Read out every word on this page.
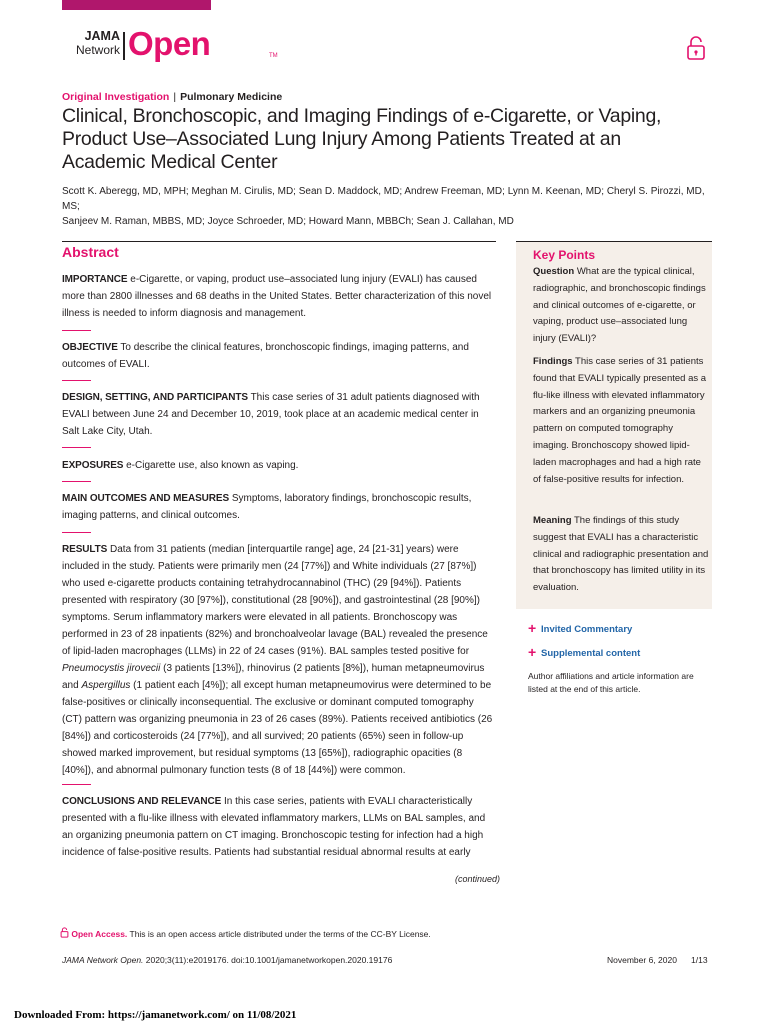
JAMA
Network Open	TM
Original Investigation | Pulmonary Medicine
Clinical, Bronchoscopic, and Imaging Findings of e-Cigarette, or Vaping, Product Use–Associated Lung Injury Among Patients Treated at an Academic Medical Center
Scott K. Aberegg, MD, MPH; Meghan M. Cirulis, MD; Sean D. Maddock, MD; Andrew Freeman, MD; Lynn M. Keenan, MD; Cheryl S. Pirozzi, MD, MS;
Sanjeev M. Raman, MBBS, MD; Joyce Schroeder, MD; Howard Mann, MBBCh; Sean J. Callahan, MD
Abstract
IMPORTANCE e-Cigarette, or vaping, product use–associated lung injury (EVALI) has caused more than 2800 illnesses and 68 deaths in the United States. Better characterization of this novel illness is needed to inform diagnosis and management.
OBJECTIVE To describe the clinical features, bronchoscopic findings, imaging patterns, and outcomes of EVALI.
DESIGN, SETTING, AND PARTICIPANTS This case series of 31 adult patients diagnosed with EVALI between June 24 and December 10, 2019, took place at an academic medical center in Salt Lake City, Utah.
EXPOSURES e-Cigarette use, also known as vaping.
MAIN OUTCOMES AND MEASURES Symptoms, laboratory findings, bronchoscopic results, imaging patterns, and clinical outcomes.
RESULTS Data from 31 patients (median [interquartile range] age, 24 [21-31] years) were included in the study. Patients were primarily men (24 [77%]) and White individuals (27 [87%]) who used e-cigarette products containing tetrahydrocannabinol (THC) (29 [94%]). Patients presented with respiratory (30 [97%]), constitutional (28 [90%]), and gastrointestinal (28 [90%]) symptoms. Serum inflammatory markers were elevated in all patients. Bronchoscopy was performed in 23 of 28 inpatients (82%) and bronchoalveolar lavage (BAL) revealed the presence of lipid-laden macrophages (LLMs) in 22 of 24 cases (91%). BAL samples tested positive for Pneumocystis jirovecii (3 patients [13%]), rhinovirus (2 patients [8%]), human metapneumovirus and Aspergillus (1 patient each [4%]); all except human metapneumovirus were determined to be false-positives or clinically inconsequential. The exclusive or dominant computed tomography (CT) pattern was organizing pneumonia in 23 of 26 cases (89%). Patients received antibiotics (26 [84%]) and corticosteroids (24 [77%]), and all survived; 20 patients (65%) seen in follow-up showed marked improvement, but residual symptoms (13 [65%]), radiographic opacities (8 [40%]), and abnormal pulmonary function tests (8 of 18 [44%]) were common.
CONCLUSIONS AND RELEVANCE In this case series, patients with EVALI characteristically presented with a flu-like illness with elevated inflammatory markers, LLMs on BAL samples, and an organizing pneumonia pattern on CT imaging. Bronchoscopic testing for infection had a high incidence of false-positive results. Patients had substantial residual abnormal results at early
(continued)
Key Points
Question What are the typical clinical, radiographic, and bronchoscopic findings and clinical outcomes of e-cigarette, or vaping, product use–associated lung injury (EVALI)?
Findings This case series of 31 patients found that EVALI typically presented as a flu-like illness with elevated inflammatory markers and an organizing pneumonia pattern on computed tomography imaging. Bronchoscopy showed lipid-laden macrophages and had a high rate of false-positive results for infection.
Meaning The findings of this study suggest that EVALI has a characteristic clinical and radiographic presentation and that bronchoscopy has limited utility in its evaluation.
+ Invited Commentary
+ Supplemental content
Author affiliations and article information are listed at the end of this article.
Open Access. This is an open access article distributed under the terms of the CC-BY License.
JAMA Network Open. 2020;3(11):e2019176. doi:10.1001/jamanetworkopen.2020.19176	November 6, 2020 1/13
Downloaded From: https://jamanetwork.com/ on 11/08/2021
